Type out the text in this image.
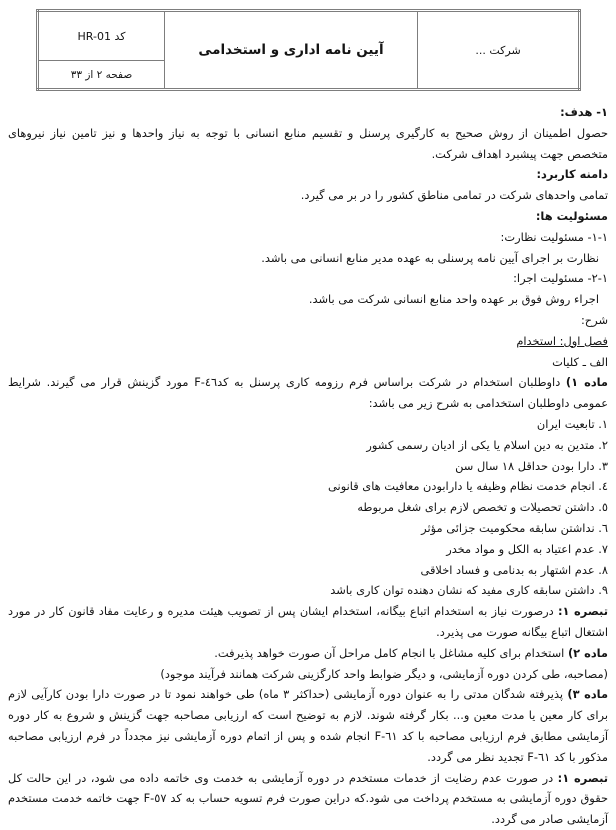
شرکت ...	آیین نامه اداری و استخدامی	کد HR-01
صفحه ٢ از ٣٣
١- هدف:
حصول اطمینان از روش صحیح به کارگیری پرسنل و تقسیم منابع انسانی با توجه به نیاز واحدها و نیز تامین نیاز نیروهای متخصص جهت پیشبرد اهداف شرکت.
دامنه کاربرد:
تمامی واحدهای شرکت در تمامی مناطق کشور را در بر می گیرد.
مسئولیت ها:
١-١- مسئولیت نظارت:
نظارت بر اجرای آیین نامه پرسنلی به عهده مدیر منابع انسانی می باشد.
١-٢- مسئولیت اجرا:
اجراء روش فوق بر عهده واحد منابع انسانی شرکت می باشد.
شرح:
فصل اول: استخدام
الف ـ کلیات
ماده ١) داوطلبان استخدام در شرکت براساس فرم رزومه کاری پرسنل به کد٤٦-F مورد گزینش قرار می گیرند. شرایط عمومی داوطلبان استخدامی به شرح زیر می باشد:
١. تابعیت ایران
٢. متدین به دین اسلام یا یکی از ادیان رسمی کشور
٣. دارا بودن حداقل ١٨ سال سن
٤. انجام خدمت نظام وظیفه یا دارابودن معافیت های قانونی
٥. داشتن تحصیلات و تخصص لازم برای شغل مربوطه
٦. نداشتن سابقه محکومیت جزائی مؤثر
٧. عدم اعتیاد به الکل و مواد مخدر
٨. عدم اشتهار به بدنامی و فساد اخلاقی
٩. داشتن سابقه کاری مفید که نشان دهنده توان کاری باشد
تبصره ١: درصورت نیاز به استخدام اتباع بیگانه، استخدام ایشان پس از تصویب هیئت مدیره و رعایت مفاد قانون کار در مورد اشتغال اتباع بیگانه صورت می پذیرد.
ماده ٢) استخدام برای کلیه مشاغل با انجام کامل مراحل آن صورت خواهد پذیرفت.
(مصاحبه، طی کردن دوره آزمایشی، و دیگر ضوابط واحد کارگزینی شرکت همانند فرآیند موجود)
ماده ٣) پذیرفته شدگان مدتی را به عنوان دوره آزمایشی (حداکثر ٣ ماه) طی خواهند نمود تا در صورت دارا بودن کارآیی لازم برای کار معین یا مدت معین و... بکار گرفته شوند. لازم به توضیح است که ارزیابی مصاحبه جهت گزینش و شروع به کار دوره آزمایشی مطابق فرم ارزیابی مصاحبه با کد ٦١-F انجام شده و پس از اتمام دوره آزمایشی نیز مجدداً در فرم ارزیابی مصاحبه مذکور با کد ٦١-F تجدید نظر می گردد.
تبصره ١: در صورت عدم رضایت از خدمات مستخدم در دوره آزمایشی به خدمت وی خاتمه داده می شود، در این حالت کل حقوق دوره آزمایشی به مستخدم پرداخت می شود.که دراین صورت فرم تسویه حساب به کد ٥٧-F جهت خاتمه خدمت مستخدم آزمایشی صادر می گردد.
